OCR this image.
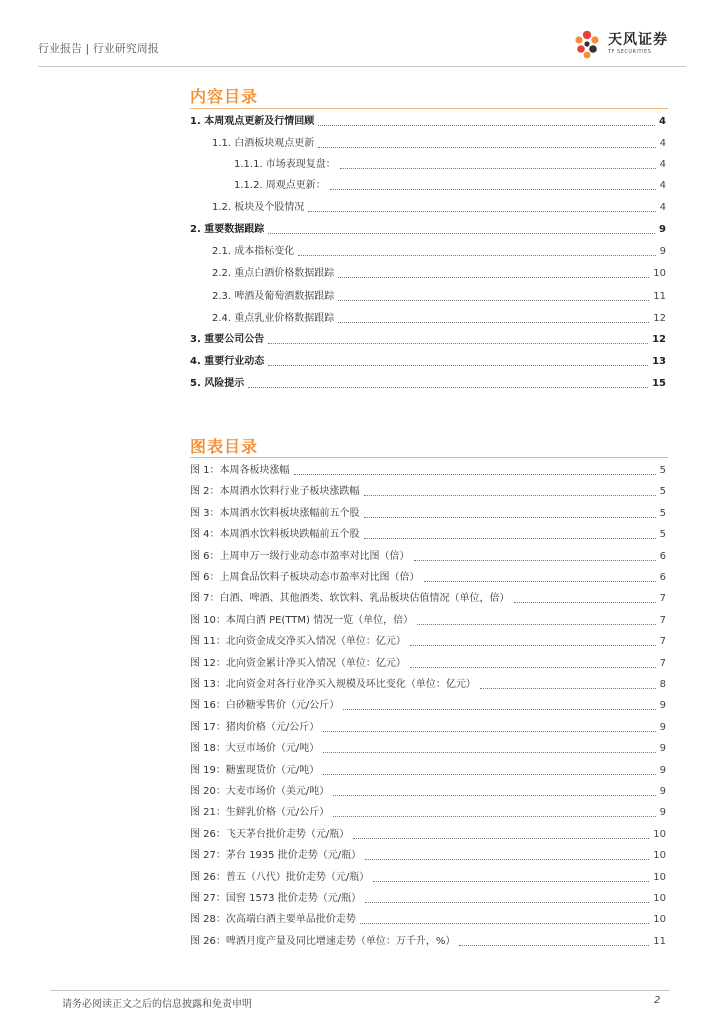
行业报告 | 行业研究周报
天风证券
TF SECURITIES
内容目录
1. 本周观点更新及行情回顾	4
1.1. 白酒板块观点更新	4
1.1.1. 市场表现复盘：	4
1.1.2. 周观点更新：	4
1.2. 板块及个股情况	4
2. 重要数据跟踪	9
2.1. 成本指标变化	9
2.2. 重点白酒价格数据跟踪	10
2.3. 啤酒及葡萄酒数据跟踪	11
2.4. 重点乳业价格数据跟踪	12
3. 重要公司公告	12
4. 重要行业动态	13
5. 风险提示	15
图表目录
图 1：本周各板块涨幅	5
图 2：本周酒水饮料行业子板块涨跌幅	5
图 3：本周酒水饮料板块涨幅前五个股	5
图 4：本周酒水饮料板块跌幅前五个股	5
图 6：上周申万一级行业动态市盈率对比图（倍）	6
图 6：上周食品饮料子板块动态市盈率对比图（倍）	6
图 7：白酒、啤酒、其他酒类、软饮料、乳品板块估值情况（单位，倍）	7
图 10：本周白酒 PE(TTM) 情况一览（单位，倍）	7
图 11：北向资金成交净买入情况（单位：亿元）	7
图 12：北向资金累计净买入情况（单位：亿元）	7
图 13：北向资金对各行业净买入规模及环比变化（单位：亿元）	8
图 16：白砂糖零售价（元/公斤）	9
图 17：猪肉价格（元/公斤）	9
图 18：大豆市场价（元/吨）	9
图 19：糖蜜现货价（元/吨）	9
图 20：大麦市场价（美元/吨）	9
图 21：生鲜乳价格（元/公斤）	9
图 26：飞天茅台批价走势（元/瓶）	10
图 27：茅台 1935 批价走势（元/瓶）	10
图 26：普五（八代）批价走势（元/瓶）	10
图 27：国窖 1573 批价走势（元/瓶）	10
图 28：次高端白酒主要单品批价走势	10
图 26：啤酒月度产量及同比增速走势（单位：万千升，%）	11
请务必阅读正文之后的信息披露和免责申明	2
